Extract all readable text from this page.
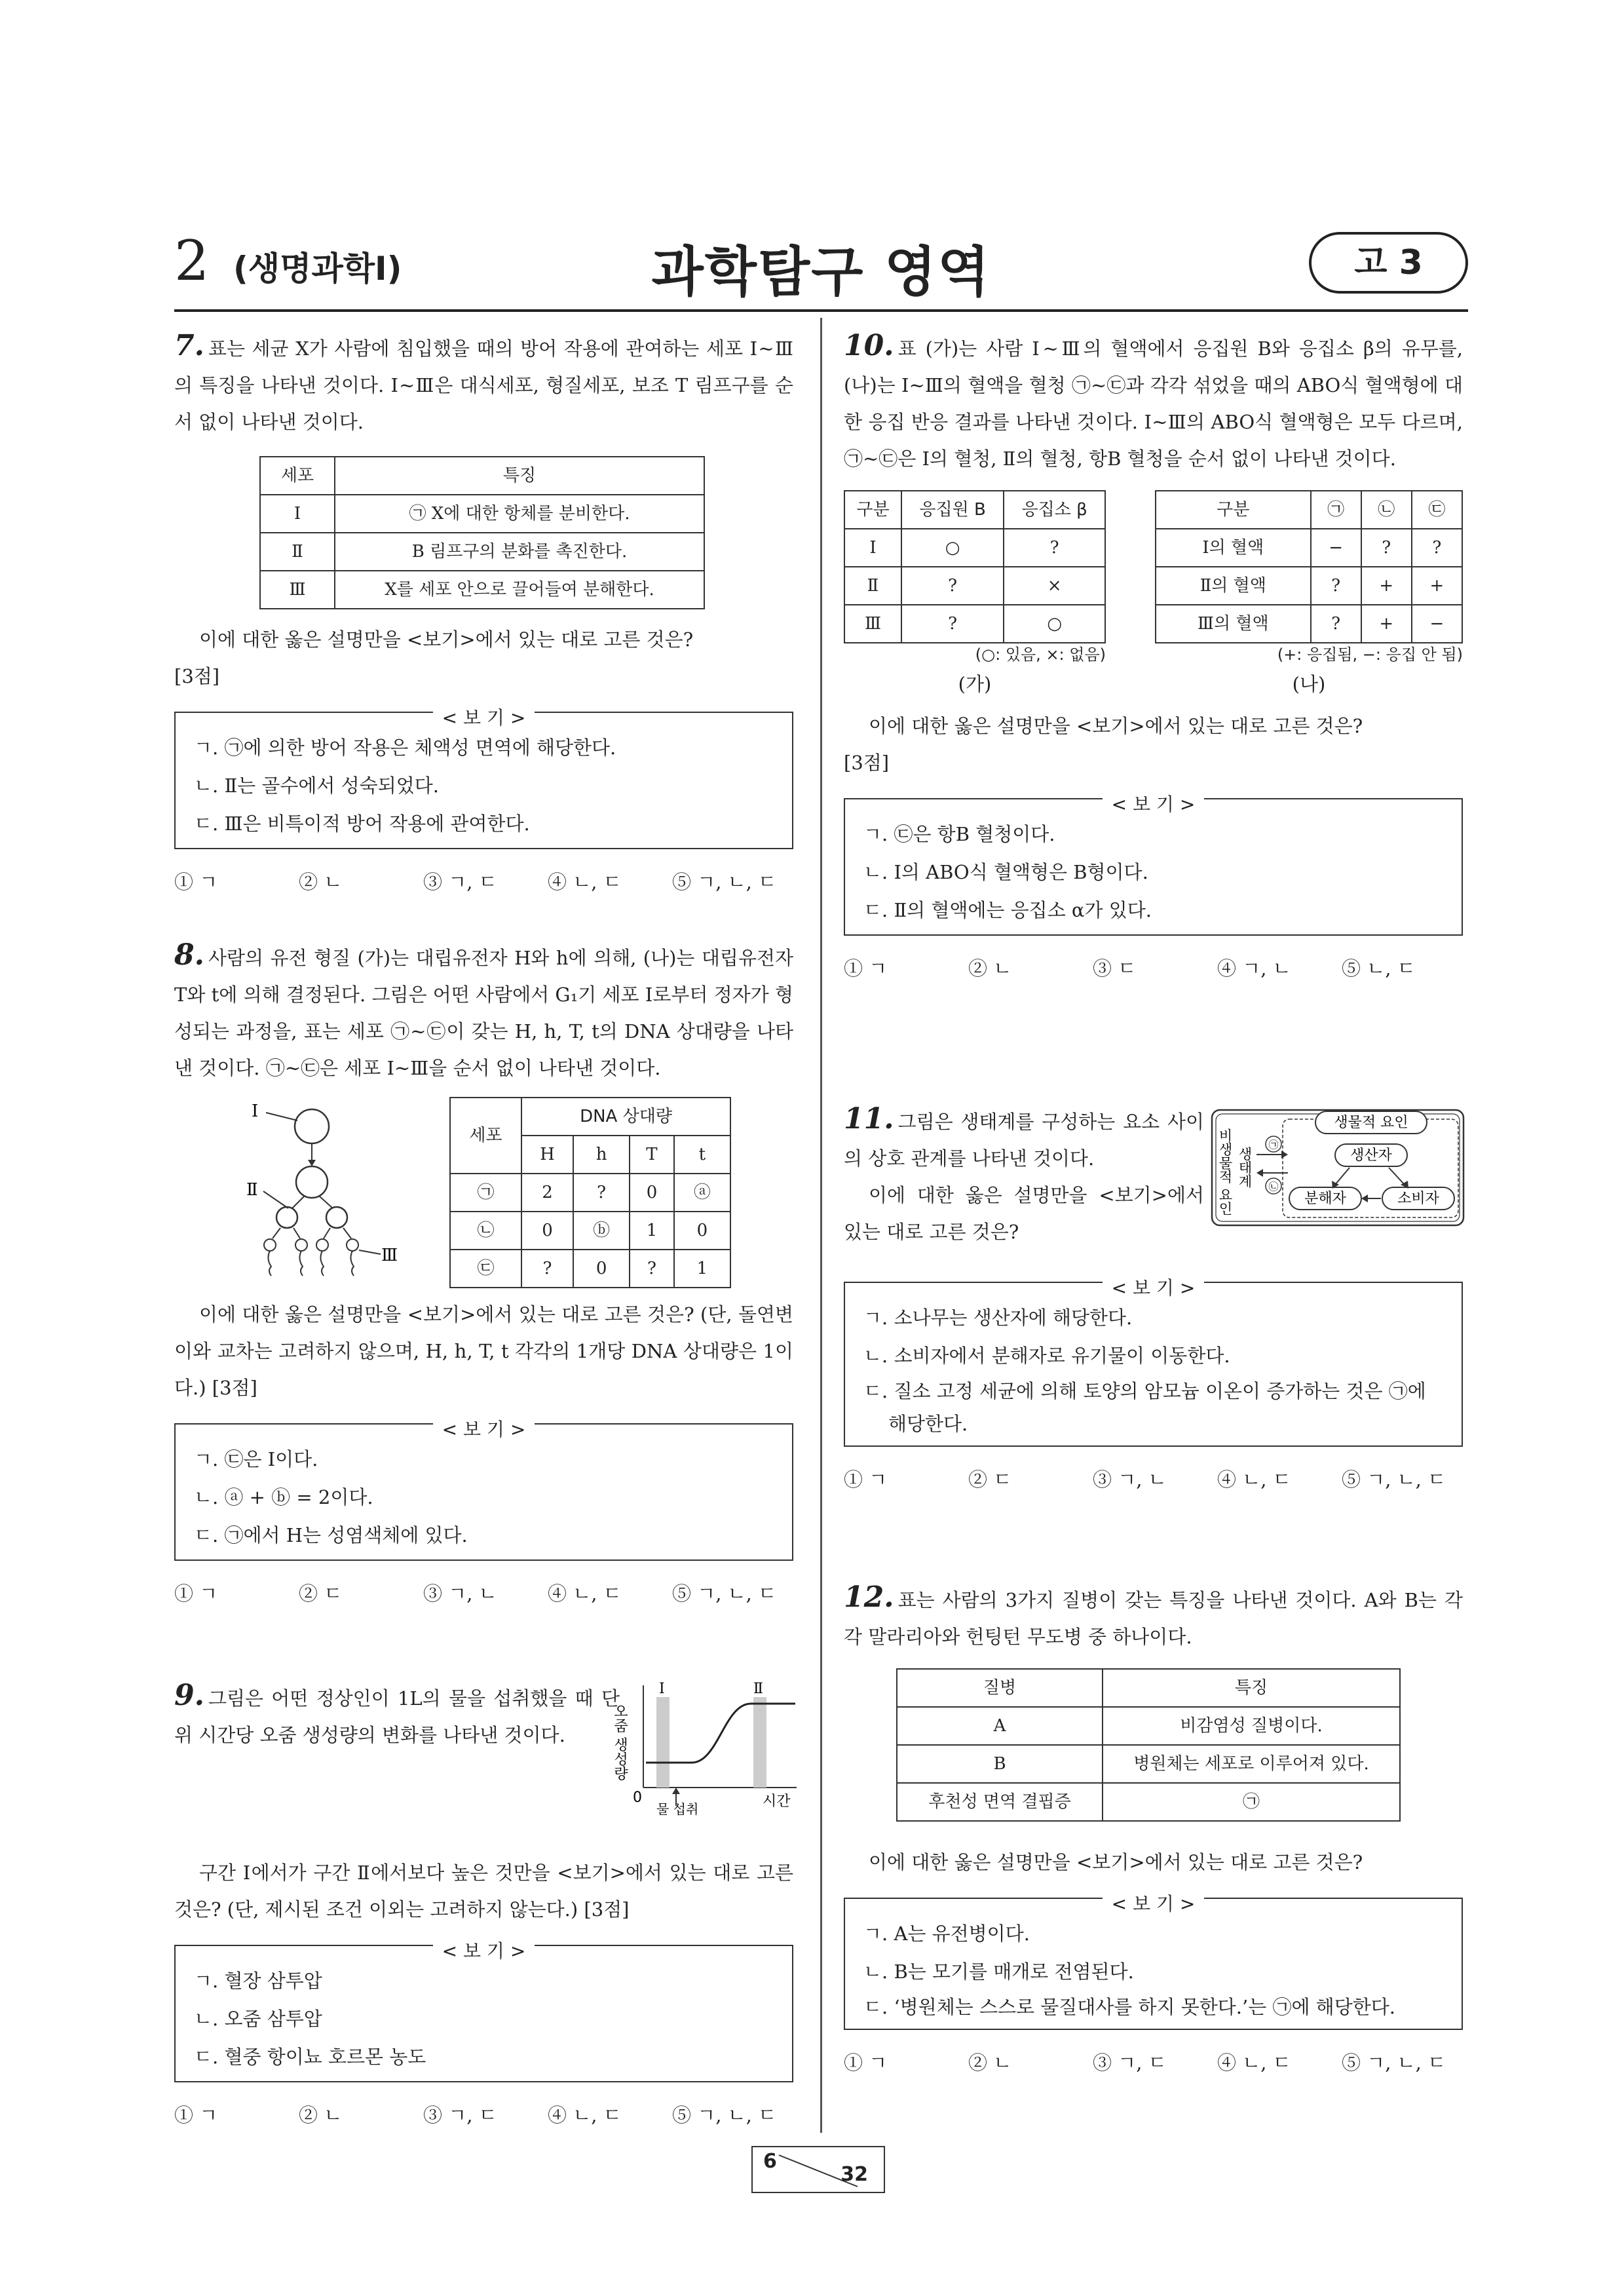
2 (생명과학Ⅰ)	과학탐구 영역	고 3

7. 표는 세균 X가 사람에 침입했을 때의 방어 작용에 관여하는 세포 Ⅰ~Ⅲ의 특징을 나타낸 것이다. Ⅰ~Ⅲ은 대식세포, 형질세포, 보조 T 림프구를 순서 없이 나타낸 것이다.

세포	특징
Ⅰ	㉠ X에 대한 항체를 분비한다.
Ⅱ	B 림프구의 분화를 촉진한다.
Ⅲ	X를 세포 안으로 끌어들여 분해한다.

이에 대한 옳은 설명만을 <보기>에서 있는 대로 고른 것은?

[3점]

< 보 기 >
ㄱ. ㉠에 의한 방어 작용은 체액성 면역에 해당한다.
ㄴ. Ⅱ는 골수에서 성숙되었다.
ㄷ. Ⅲ은 비특이적 방어 작용에 관여한다.
① ㄱ	② ㄴ	③ ㄱ, ㄷ	④ ㄴ, ㄷ	⑤ ㄱ, ㄴ, ㄷ

8. 사람의 유전 형질 (가)는 대립유전자 H와 h에 의해, (나)는 대립유전자 T와 t에 의해 결정된다. 그림은 어떤 사람에서 G₁기 세포 Ⅰ로부터 정자가 형성되는 과정을, 표는 세포 ㉠~㉢이 갖는 H, h, T, t의 DNA 상대량을 나타낸 것이다. ㉠~㉢은 세포 Ⅰ~Ⅲ을 순서 없이 나타낸 것이다.

Ⅰ
Ⅱ
Ⅲ
세포	DNA 상대량			
	H	h	T	t
㉠	2	?	0	ⓐ
㉡	0	ⓑ	1	0
㉢	?	0	?	1

이에 대한 옳은 설명만을 <보기>에서 있는 대로 고른 것은? (단, 돌연변이와 교차는 고려하지 않으며, H, h, T, t 각각의 1개당 DNA 상대량은 1이다.) [3점]

< 보 기 >
ㄱ. ㉢은 Ⅰ이다.
ㄴ. ⓐ + ⓑ = 2이다.
ㄷ. ㉠에서 H는 성염색체에 있다.
① ㄱ	② ㄷ	③ ㄱ, ㄴ	④ ㄴ, ㄷ	⑤ ㄱ, ㄴ, ㄷ

9. 그림은 어떤 정상인이 1L의 물을 섭취했을 때 단위 시간당 오줌 생성량의 변화를 나타낸 것이다.	오줌 생성량
0
Ⅰ	Ⅱ
물 섭취	시간

구간 Ⅰ에서가 구간 Ⅱ에서보다 높은 것만을 <보기>에서 있는 대로 고른 것은? (단, 제시된 조건 이외는 고려하지 않는다.) [3점]

< 보 기 >
ㄱ. 혈장 삼투압
ㄴ. 오줌 삼투압
ㄷ. 혈중 항이뇨 호르몬 농도
① ㄱ	② ㄴ	③ ㄱ, ㄷ	④ ㄴ, ㄷ	⑤ ㄱ, ㄴ, ㄷ

10. 표 (가)는 사람 Ⅰ~Ⅲ의 혈액에서 응집원 B와 응집소 β의 유무를, (나)는 Ⅰ~Ⅲ의 혈액을 혈청 ㉠~㉢과 각각 섞었을 때의 ABO식 혈액형에 대한 응집 반응 결과를 나타낸 것이다. Ⅰ~Ⅲ의 ABO식 혈액형은 모두 다르며, ㉠~㉢은 Ⅰ의 혈청, Ⅱ의 혈청, 항B 혈청을 순서 없이 나타낸 것이다.

구분	응집원 B	응집소 β
Ⅰ	○	?
Ⅱ	?	×
Ⅲ	?	○
(○: 있음, ×: 없음)
(가)
구분	㉠	㉡	㉢
Ⅰ의 혈액	−	?	?
Ⅱ의 혈액	?	+	+
Ⅲ의 혈액	?	+	−
(+: 응집됨, −: 응집 안 됨)
(나)

이에 대한 옳은 설명만을 <보기>에서 있는 대로 고른 것은?

[3점]

< 보 기 >
ㄱ. ㉢은 항B 혈청이다.
ㄴ. Ⅰ의 ABO식 혈액형은 B형이다.
ㄷ. Ⅱ의 혈액에는 응집소 α가 있다.
① ㄱ	② ㄴ	③ ㄷ	④ ㄱ, ㄴ	⑤ ㄴ, ㄷ

11. 그림은 생태계를 구성하는 요소 사이의 상호 관계를 나타낸 것이다.

이에 대한 옳은 설명만을 <보기>에서 있는 대로 고른 것은?

비생물적 요인 생태계
생물적 요인
생산자
분해자	소비자
㉠
㉡
< 보 기 >
ㄱ. 소나무는 생산자에 해당한다.
ㄴ. 소비자에서 분해자로 유기물이 이동한다.
ㄷ. 질소 고정 세균에 의해 토양의 암모늄 이온이 증가하는 것은 ㉠에 해당한다.
① ㄱ	② ㄷ	③ ㄱ, ㄴ	④ ㄴ, ㄷ	⑤ ㄱ, ㄴ, ㄷ

12. 표는 사람의 3가지 질병이 갖는 특징을 나타낸 것이다. A와 B는 각각 말라리아와 헌팅턴 무도병 중 하나이다.

질병	특징
A	비감염성 질병이다.
B	병원체는 세포로 이루어져 있다.
후천성 면역 결핍증	㉠

이에 대한 옳은 설명만을 <보기>에서 있는 대로 고른 것은?

< 보 기 >
ㄱ. A는 유전병이다.
ㄴ. B는 모기를 매개로 전염된다.
ㄷ. ‘병원체는 스스로 물질대사를 하지 못한다.’는 ㉠에 해당한다.
① ㄱ	② ㄴ	③ ㄱ, ㄷ	④ ㄴ, ㄷ	⑤ ㄱ, ㄴ, ㄷ
6
32
